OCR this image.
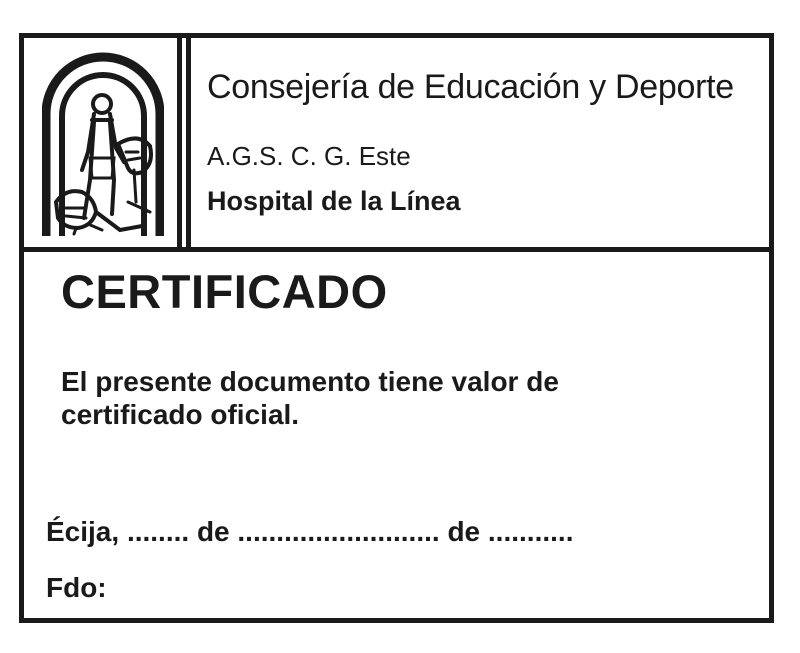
Consejería de Educación y Deporte
A.G.S. C. G. Este
Hospital de la Línea
CERTIFICADO
El presente documento tiene valor de certificado oficial.
Écija, ........ de .......................... de ...........
Fdo:
